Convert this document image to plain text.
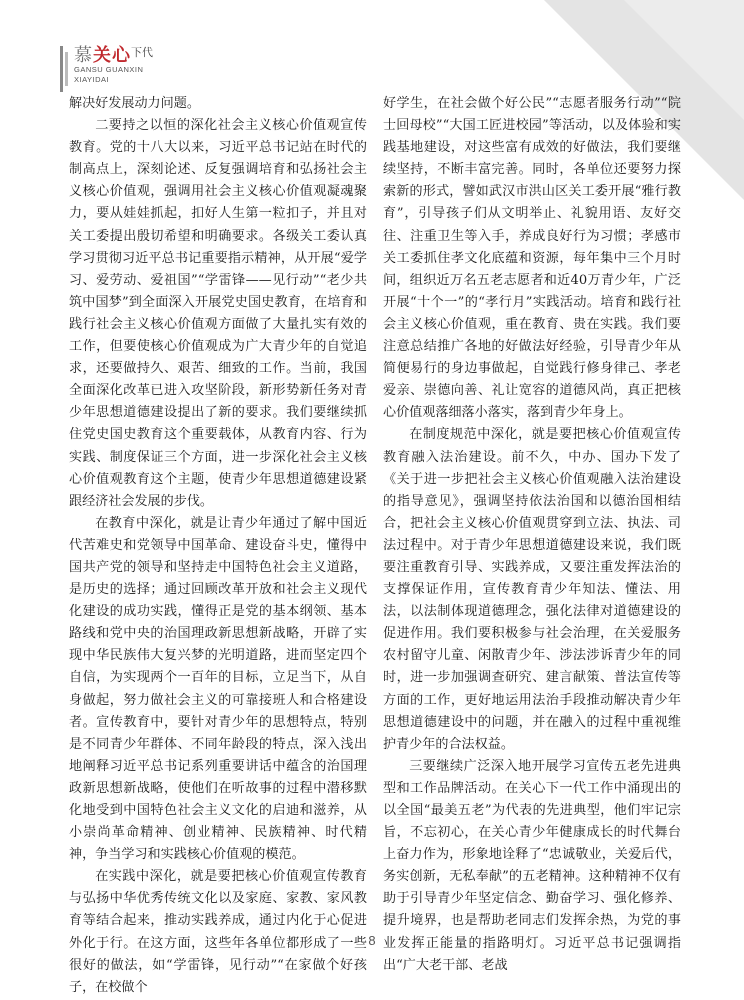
慕关心$^{下代}$
GANSU GUANXIN
XIAYIDAI

解决好发展动力问题。

二要持之以恒的深化社会主义核心价值观宣传教育。党的十八大以来，习近平总书记站在时代的制高点上，深刻论述、反复强调培育和弘扬社会主义核心价值观，强调用社会主义核心价值观凝魂聚力，要从娃娃抓起，扣好人生第一粒扣子，并且对关工委提出殷切希望和明确要求。各级关工委认真学习贯彻习近平总书记重要指示精神，从开展“爱学习、爱劳动、爱祖国”“学雷锋——见行动”“老少共筑中国梦”到全面深入开展党史国史教育，在培育和践行社会主义核心价值观方面做了大量扎实有效的工作，但要使核心价值观成为广大青少年的自觉追求，还要做持久、艰苦、细致的工作。当前，我国全面深化改革已进入攻坚阶段，新形势新任务对青少年思想道德建设提出了新的要求。我们要继续抓住党史国史教育这个重要载体，从教育内容、行为实践、制度保证三个方面，进一步深化社会主义核心价值观教育这个主题，使青少年思想道德建设紧跟经济社会发展的步伐。

在教育中深化，就是让青少年通过了解中国近代苦难史和党领导中国革命、建设奋斗史，懂得中国共产党的领导和坚持走中国特色社会主义道路，是历史的选择；通过回顾改革开放和社会主义现代化建设的成功实践，懂得正是党的基本纲领、基本路线和党中央的治国理政新思想新战略，开辟了实现中华民族伟大复兴梦的光明道路，进而坚定四个自信，为实现两个一百年的目标，立足当下，从自身做起，努力做社会主义的可靠接班人和合格建设者。宣传教育中，要针对青少年的思想特点，特别是不同青少年群体、不同年龄段的特点，深入浅出地阐释习近平总书记系列重要讲话中蕴含的治国理政新思想新战略，使他们在听故事的过程中潜移默化地受到中国特色社会主义文化的启迪和滋养，从小崇尚革命精神、创业精神、民族精神、时代精神，争当学习和实践核心价值观的模范。

在实践中深化，就是要把核心价值观宣传教育与弘扬中华优秀传统文化以及家庭、家教、家风教育等结合起来，推动实践养成，通过内化于心促进外化于行。在这方面，这些年各单位都形成了一些很好的做法，如“学雷锋，见行动”“在家做个好孩子，在校做个

好学生，在社会做个好公民”“志愿者服务行动”“院士回母校”“大国工匠进校园”等活动，以及体验和实践基地建设，对这些富有成效的好做法，我们要继续坚持，不断丰富完善。同时，各单位还要努力探索新的形式，譬如武汉市洪山区关工委开展“雅行教育”，引导孩子们从文明举止、礼貌用语、友好交往、注重卫生等入手，养成良好行为习惯；孝感市关工委抓住孝文化底蕴和资源，每年集中三个月时间，组织近万名五老志愿者和近40万青少年，广泛开展“十个一”的“孝行月”实践活动。培育和践行社会主义核心价值观，重在教育、贵在实践。我们要注意总结推广各地的好做法好经验，引导青少年从简便易行的身边事做起，自觉践行修身律己、孝老爱亲、崇德向善、礼让宽容的道德风尚，真正把核心价值观落细落小落实，落到青少年身上。

在制度规范中深化，就是要把核心价值观宣传教育融入法治建设。前不久，中办、国办下发了《关于进一步把社会主义核心价值观融入法治建设的指导意见》，强调坚持依法治国和以德治国相结合，把社会主义核心价值观贯穿到立法、执法、司法过程中。对于青少年思想道德建设来说，我们既要注重教育引导、实践养成，又要注重发挥法治的支撑保证作用，宣传教育青少年知法、懂法、用法，以法制体现道德理念，强化法律对道德建设的促进作用。我们要积极参与社会治理，在关爱服务农村留守儿童、闲散青少年、涉法涉诉青少年的同时，进一步加强调查研究、建言献策、普法宣传等方面的工作，更好地运用法治手段推动解决青少年思想道德建设中的问题，并在融入的过程中重视维护青少年的合法权益。

三要继续广泛深入地开展学习宣传五老先进典型和工作品牌活动。在关心下一代工作中涌现出的以全国“最美五老”为代表的先进典型，他们牢记宗旨，不忘初心，在关心青少年健康成长的时代舞台上奋力作为，形象地诠释了“忠诚敬业，关爱后代，务实创新，无私奉献”的五老精神。这种精神不仅有助于引导青少年坚定信念、勤奋学习、强化修养、提升境界，也是帮助老同志们发挥余热，为党的事业发挥正能量的指路明灯。习近平总书记强调指出“广大老干部、老战

8
